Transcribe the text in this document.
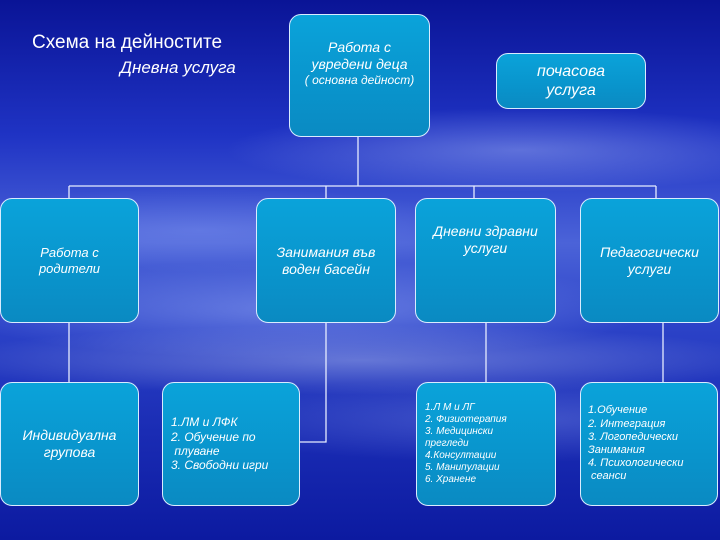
Схема на дейностите
Дневна услуга
Работа с
увредени деца
( основна дейност)	почасова
услуга
Работа с
родители
Занимания във
воден басейн
Дневни здравни
услуги	Педагогически
услуги
Индивидуална
групова
1.ЛМ и ЛФК
2. Обучение по
плуване
3. Свободни игри
1.Л М и ЛГ
2. Физиотерапия
3. Медицински
прегледи
4.Консултации
5. Манипулации
6. Хранене
1.Обучение
2. Интеграция
3. Логопедически
Занимания
4. Психологически
сеанси
